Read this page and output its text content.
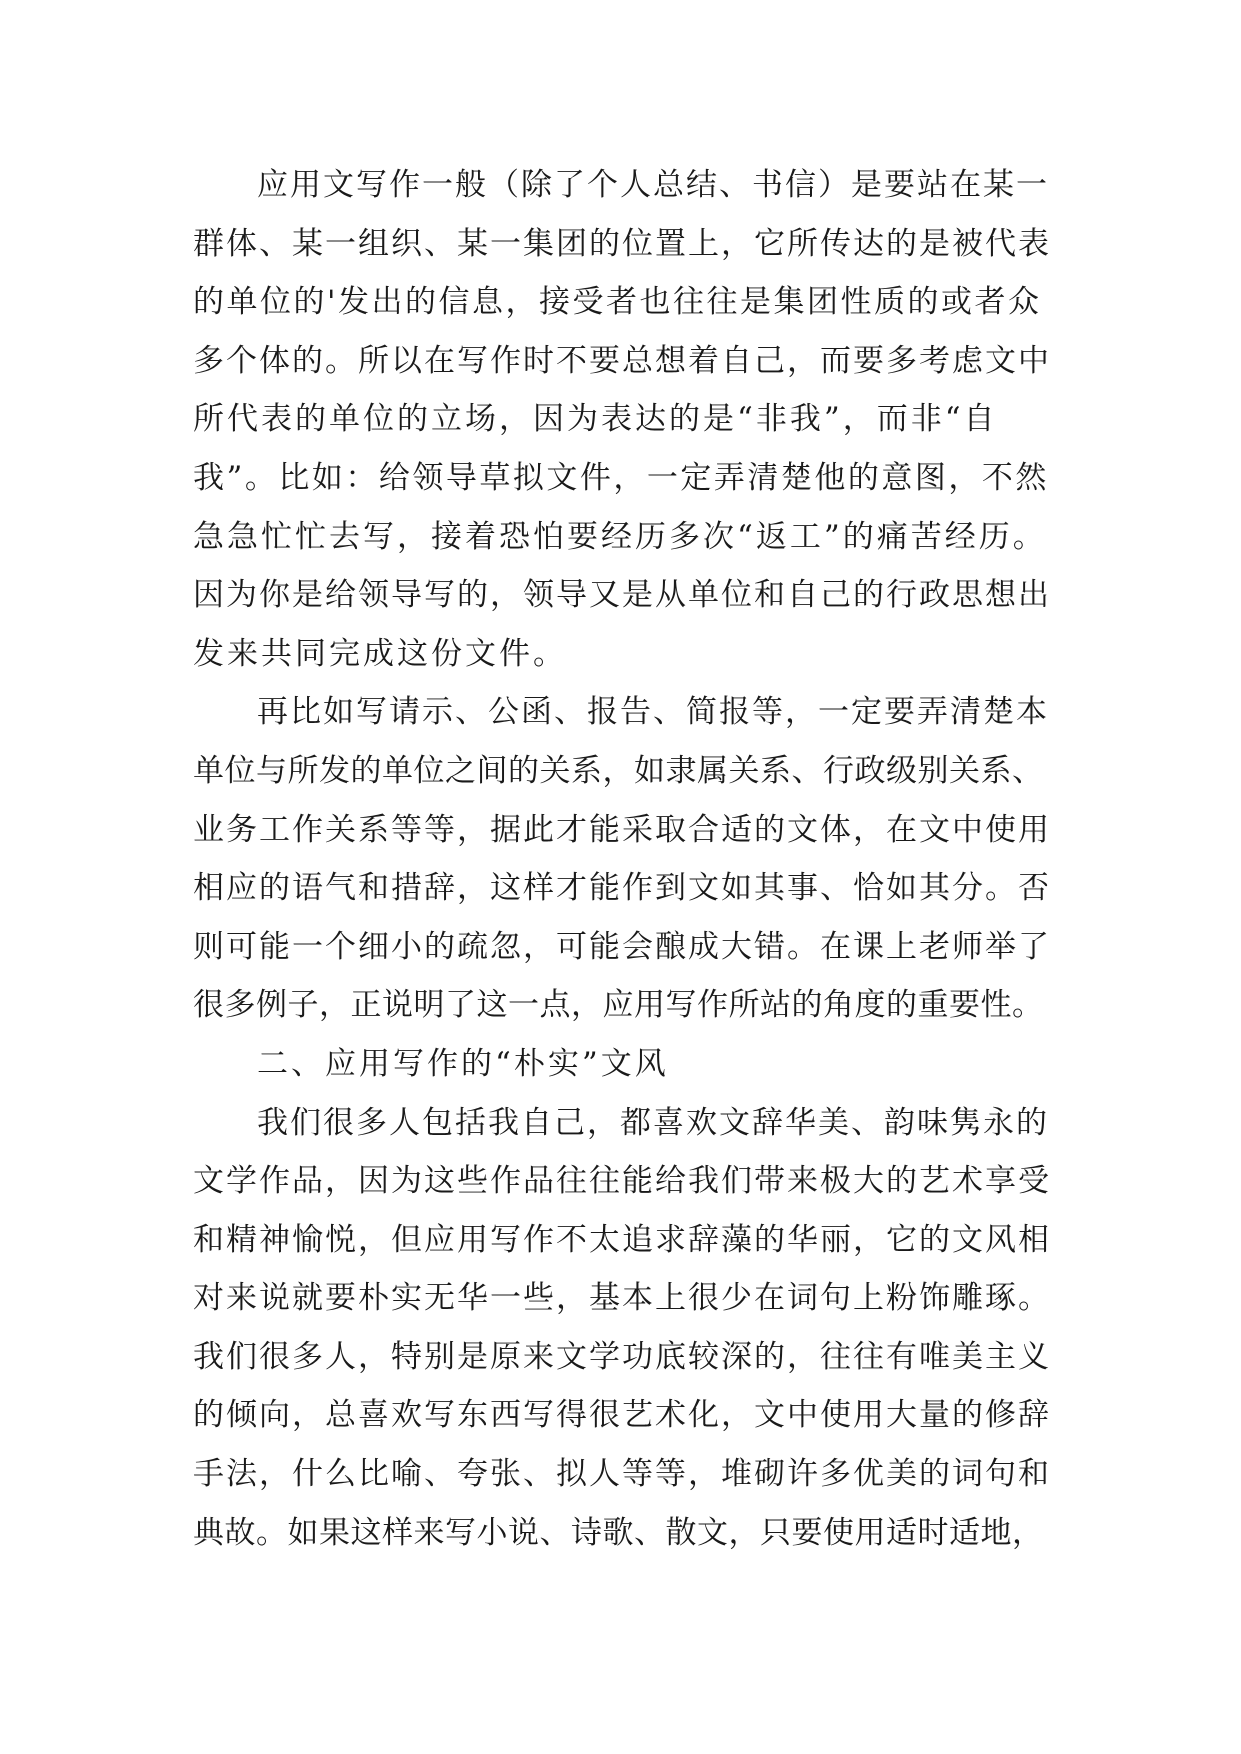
应用文写作一般（除了个人总结、书信）是要站在某一
群体、某一组织、某一集团的位置上，它所传达的是被代表
的单位的'发出的信息，接受者也往往是集团性质的或者众
多个体的。所以在写作时不要总想着自己，而要多考虑文中
所代表的单位的立场，因为表达的是“非我”，而非“自
我”。比如：给领导草拟文件，一定弄清楚他的意图，不然
急急忙忙去写，接着恐怕要经历多次“返工”的痛苦经历。
因为你是给领导写的，领导又是从单位和自己的行政思想出
发来共同完成这份文件。
再比如写请示、公函、报告、简报等，一定要弄清楚本
单位与所发的单位之间的关系，如隶属关系、行政级别关系、
业务工作关系等等，据此才能采取合适的文体，在文中使用
相应的语气和措辞，这样才能作到文如其事、恰如其分。否
则可能一个细小的疏忽，可能会酿成大错。在课上老师举了
很多例子，正说明了这一点，应用写作所站的角度的重要性。
二、应用写作的“朴实”文风
我们很多人包括我自己，都喜欢文辞华美、韵味隽永的
文学作品，因为这些作品往往能给我们带来极大的艺术享受
和精神愉悦，但应用写作不太追求辞藻的华丽，它的文风相
对来说就要朴实无华一些，基本上很少在词句上粉饰雕琢。
我们很多人，特别是原来文学功底较深的，往往有唯美主义
的倾向，总喜欢写东西写得很艺术化，文中使用大量的修辞
手法，什么比喻、夸张、拟人等等，堆砌许多优美的词句和
典故。如果这样来写小说、诗歌、散文，只要使用适时适地，
